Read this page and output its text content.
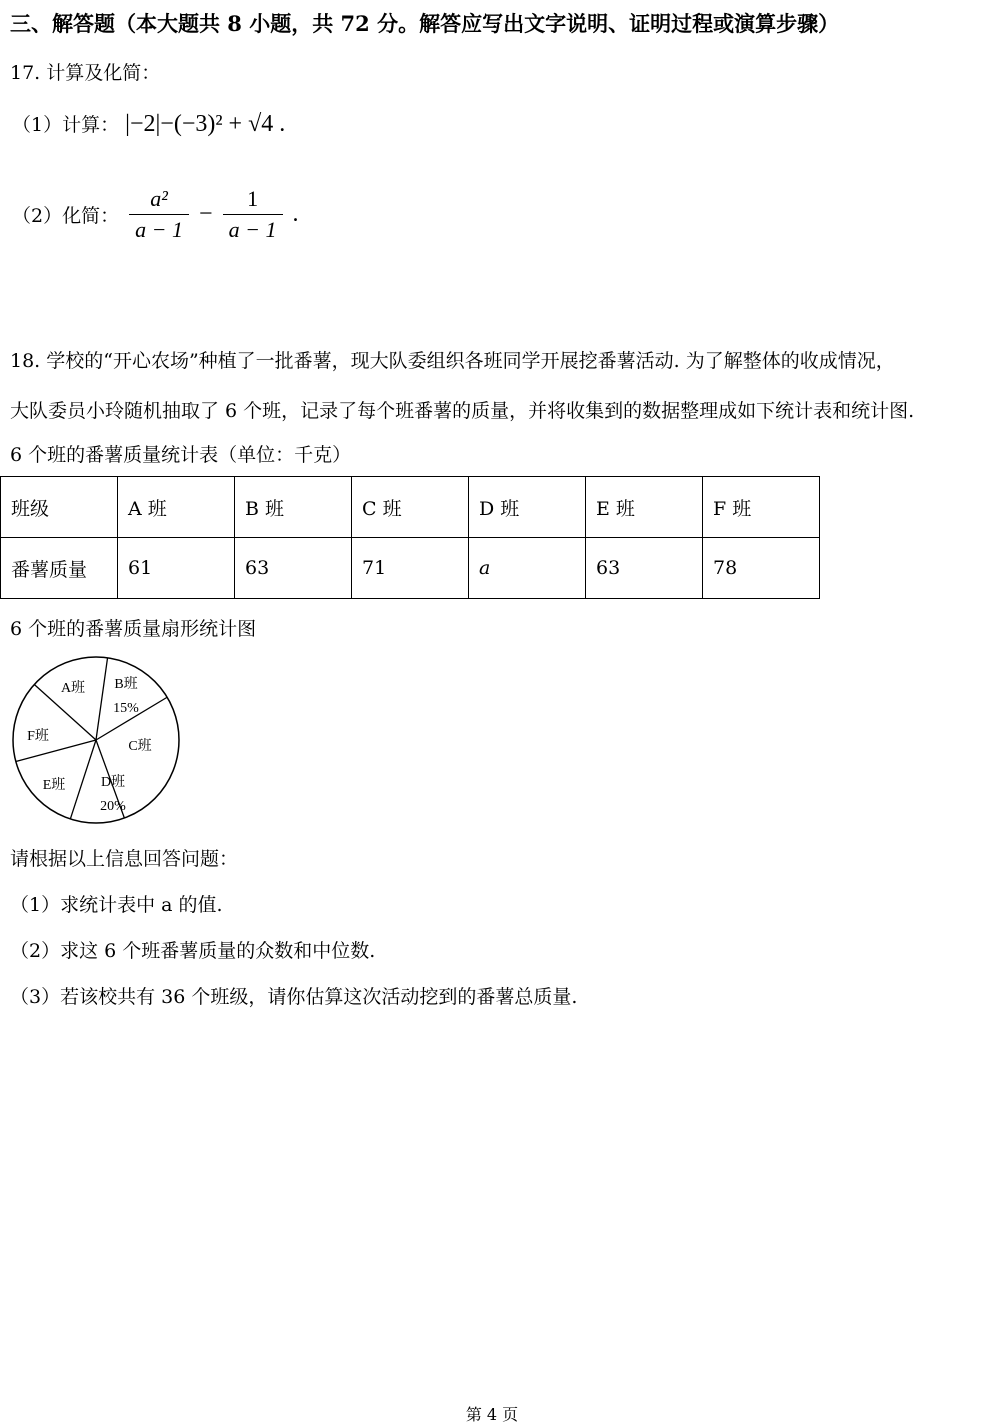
三、解答题（本大题共 8 小题，共 72 分。解答应写出文字说明、证明过程或演算步骤）
17. 计算及化简：
（1）计算： |−2|−(−3)² + √4 .
（2）化简： $\frac{\text{a²}}{a - 1} - \frac{1}{a - 1}$ .
18. 学校的“开心农场”种植了一批番薯，现大队委组织各班同学开展挖番薯活动. 为了解整体的收成情况，
大队委员小玲随机抽取了 6 个班，记录了每个班番薯的质量，并将收集到的数据整理成如下统计表和统计图.
6 个班的番薯质量统计表（单位：千克）
班级	A 班	B 班	C 班	D 班	E 班	F 班
番薯质量	61	63	71	a	63	78
6 个班的番薯质量扇形统计图
A班 B班
15%
C班
D班
20%
E班
F班
请根据以上信息回答问题：
（1）求统计表中 a 的值.
（2）求这 6 个班番薯质量的众数和中位数.
（3）若该校共有 36 个班级，请你估算这次活动挖到的番薯总质量.
第 4 页
